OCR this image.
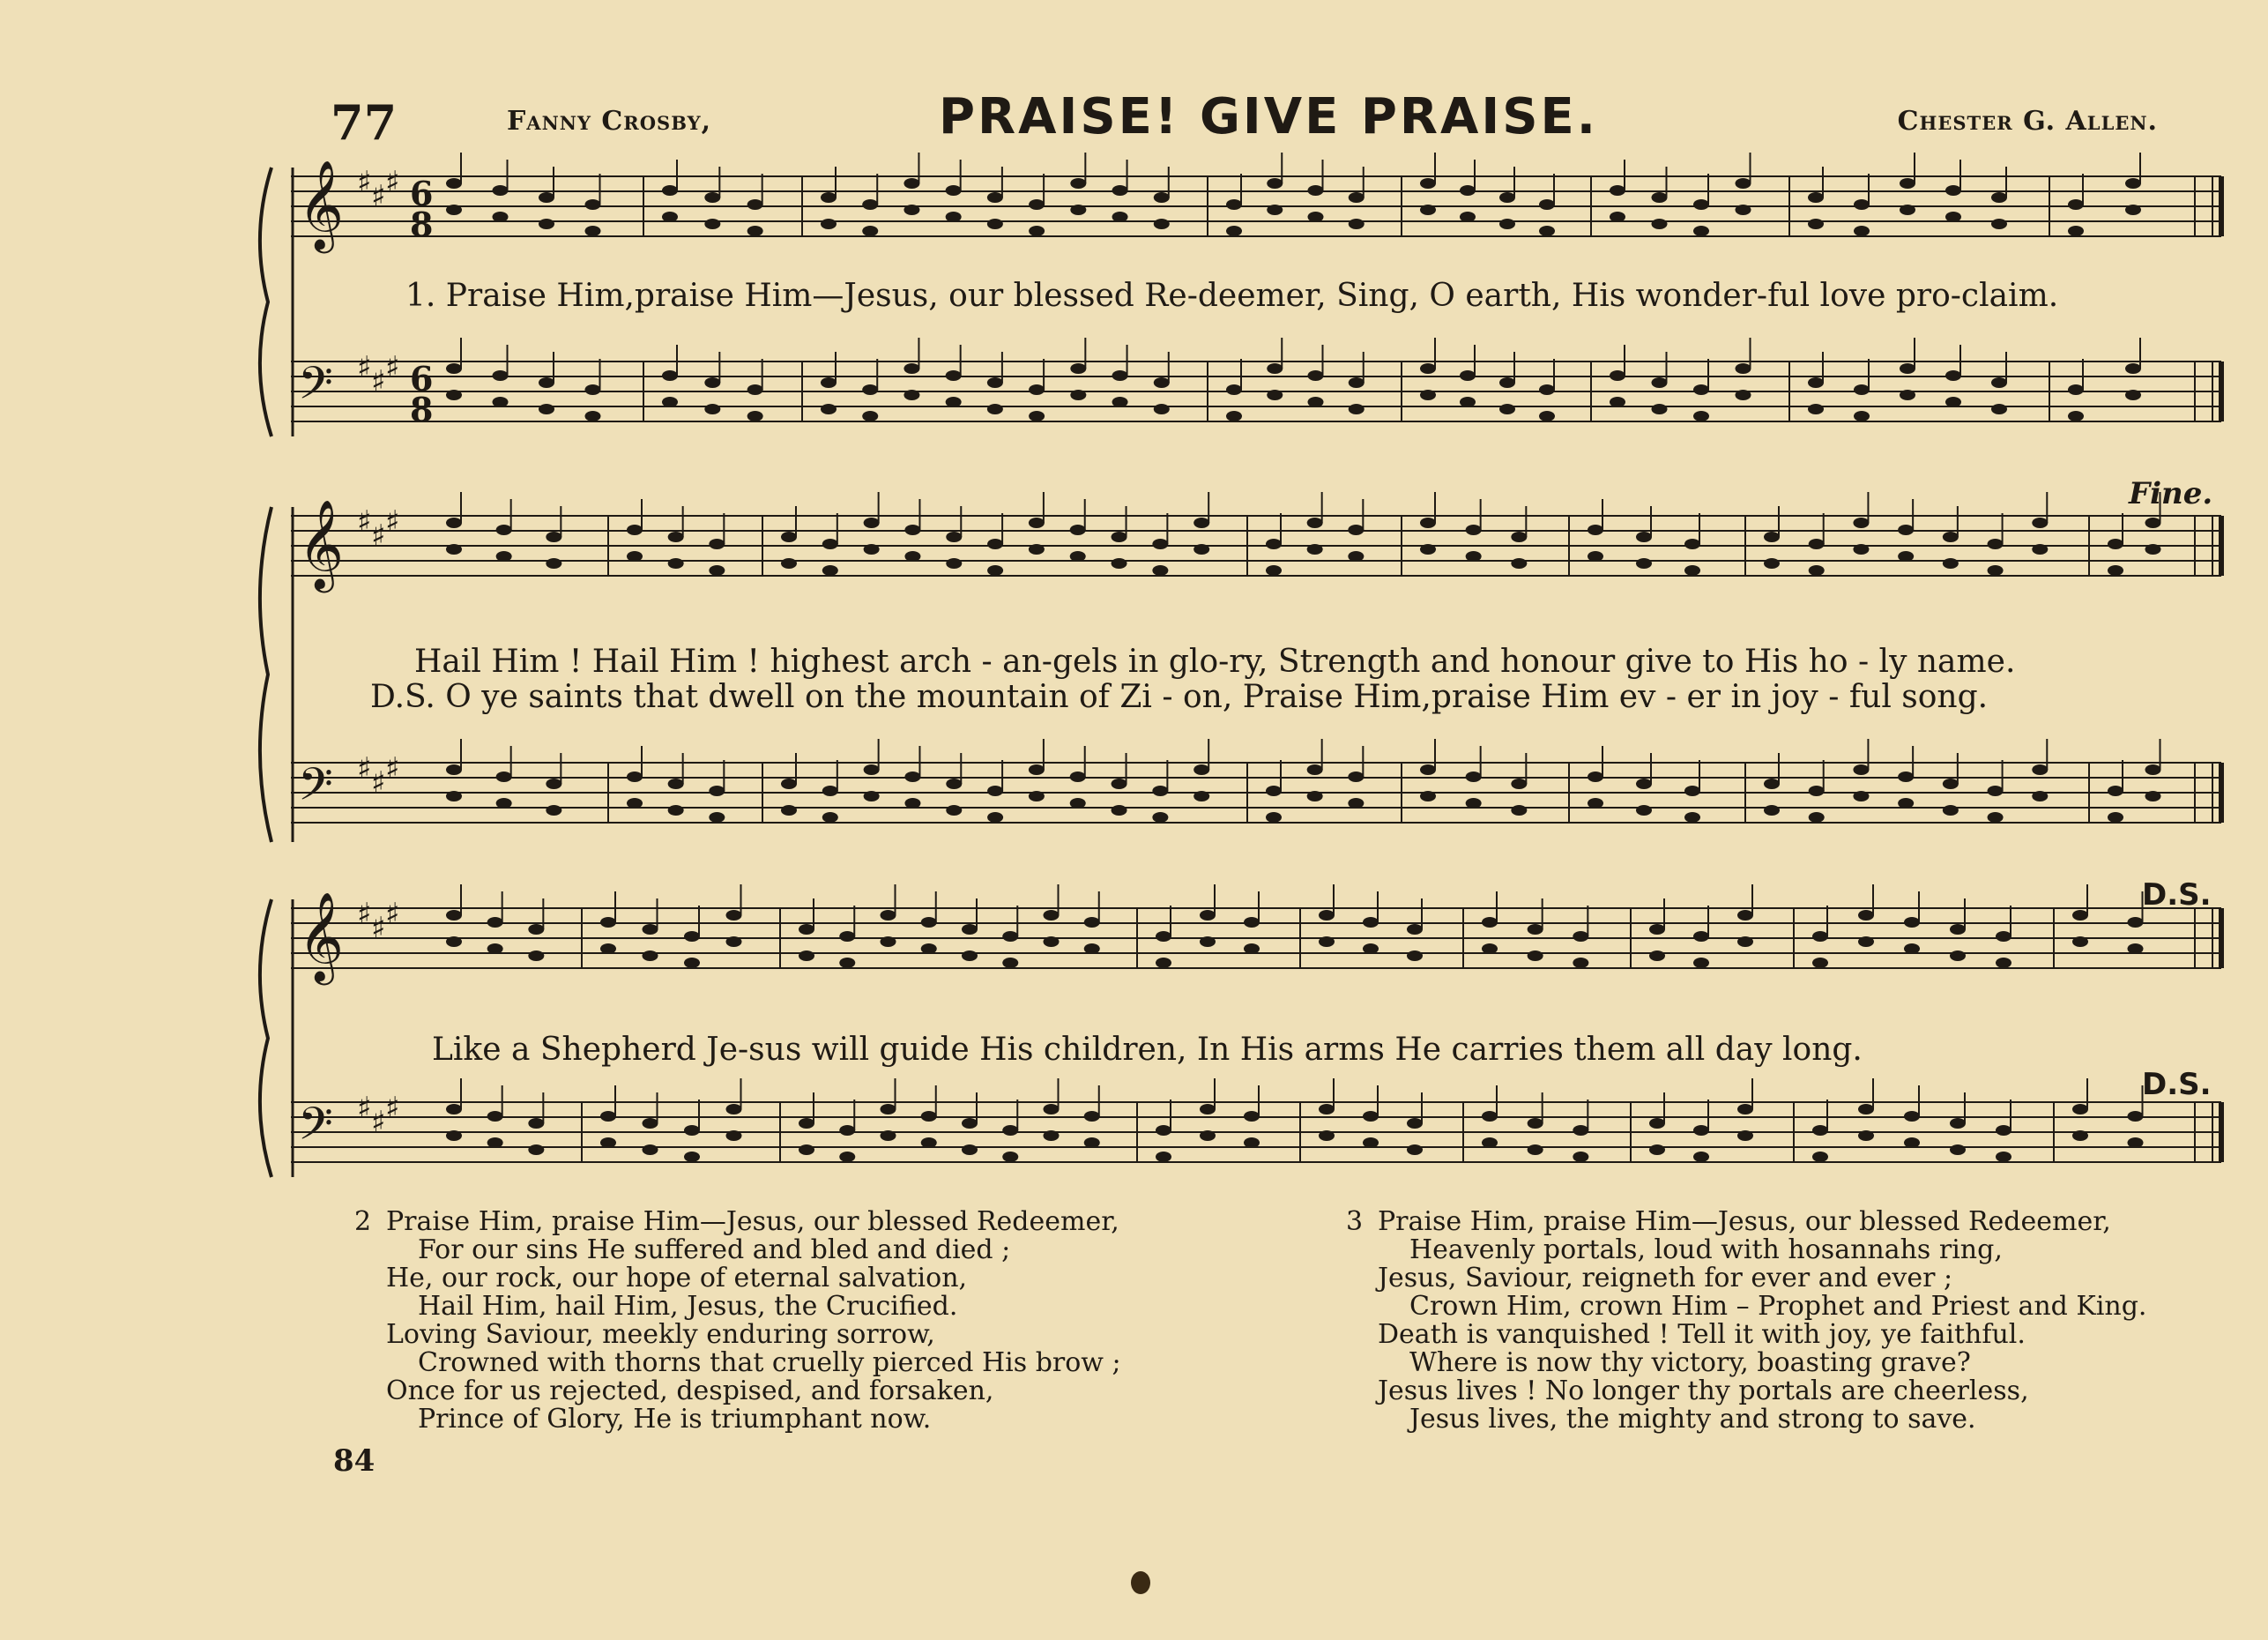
77	Fanny Crosby,	PRAISE! GIVE PRAISE.	Chester G. Allen.
𝄞 ♯ ♯ ♯ 6
8
𝄢 ♯ ♯ ♯ 6
8
1. Praise Him,praise Him—Jesus, our blessed Re-deemer, Sing, O earth, His wonder-ful love pro-claim.
𝄞 ♯ ♯ ♯
𝄢 ♯ ♯ ♯
Fine.
Hail Him ! Hail Him ! highest arch - an-gels in glo-ry, Strength and honour give to His ho - ly name.
D.S. O ye saints that dwell on the mountain of Zi - on, Praise Him,praise Him ev - er in joy - ful song.
𝄞 ♯ ♯ ♯
𝄢 ♯ ♯ ♯
D.S.
D.S.
Like a Shepherd Je-sus will guide His children, In His arms He carries them all day long.
2 Praise Him, praise Him—Jesus, our blessed Redeemer,
For our sins He suffered and bled and died ;
He, our rock, our hope of eternal salvation,
Hail Him, hail Him, Jesus, the Crucified.
Loving Saviour, meekly enduring sorrow,
Crowned with thorns that cruelly pierced His brow ;
Once for us rejected, despised, and forsaken,
Prince of Glory, He is triumphant now.
3 Praise Him, praise Him—Jesus, our blessed Redeemer,
Heavenly portals, loud with hosannahs ring,
Jesus, Saviour, reigneth for ever and ever ;
Crown Him, crown Him – Prophet and Priest and King.
Death is vanquished ! Tell it with joy, ye faithful.
Where is now thy victory, boasting grave?
Jesus lives ! No longer thy portals are cheerless,
Jesus lives, the mighty and strong to save.
84
